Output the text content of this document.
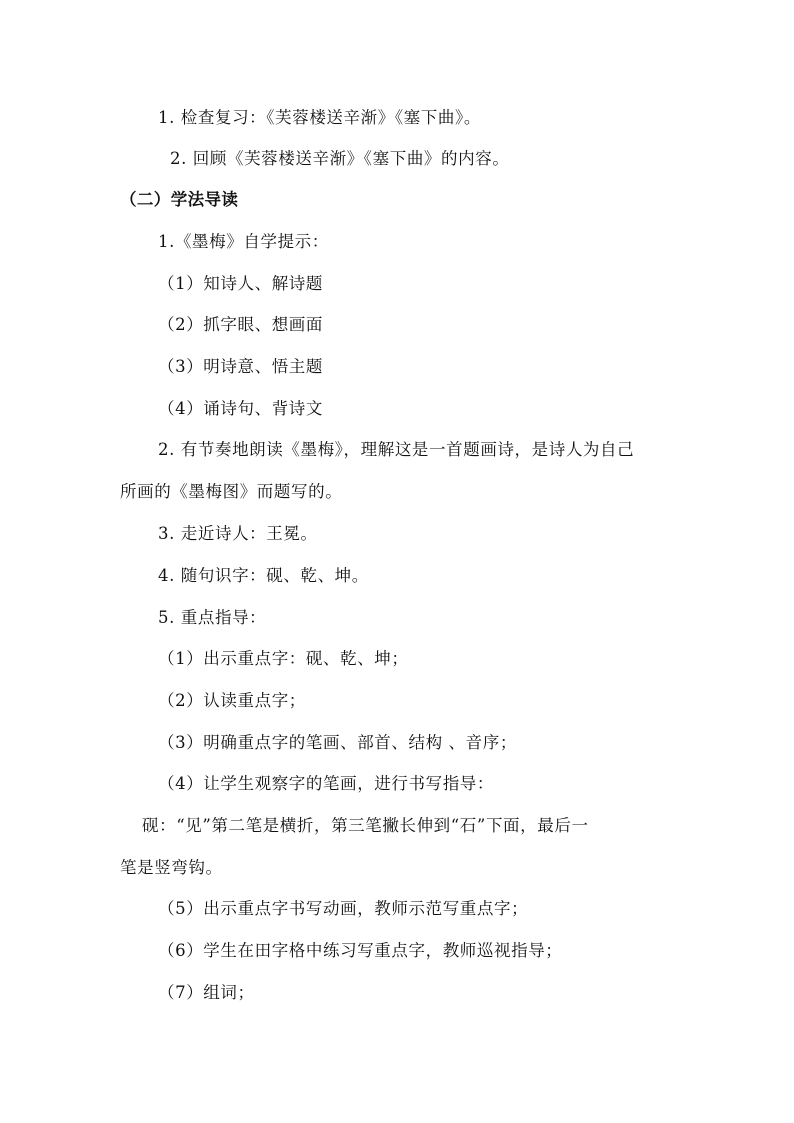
1. 检查复习：《芙蓉楼送辛渐》《塞下曲》。
2. 回顾《芙蓉楼送辛渐》《塞下曲》的内容。
（二）学法导读
1.《墨梅》自学提示：
（1）知诗人、解诗题
（2）抓字眼、想画面
（3）明诗意、悟主题
（4）诵诗句、背诗文
2. 有节奏地朗读《墨梅》，理解这是一首题画诗，是诗人为自己
所画的《墨梅图》而题写的。
3. 走近诗人：王冕。
4. 随句识字：砚、乾、坤。
5. 重点指导：
（1）出示重点字：砚、乾、坤；
（2）认读重点字；
（3）明确重点字的笔画、部首、结构 、音序；
（4）让学生观察字的笔画，进行书写指导：
砚：“见”第二笔是横折，第三笔撇长伸到“石”下面，最后一
笔是竖弯钩。
（5）出示重点字书写动画，教师示范写重点字；
（6）学生在田字格中练习写重点字，教师巡视指导；
（7）组词；
